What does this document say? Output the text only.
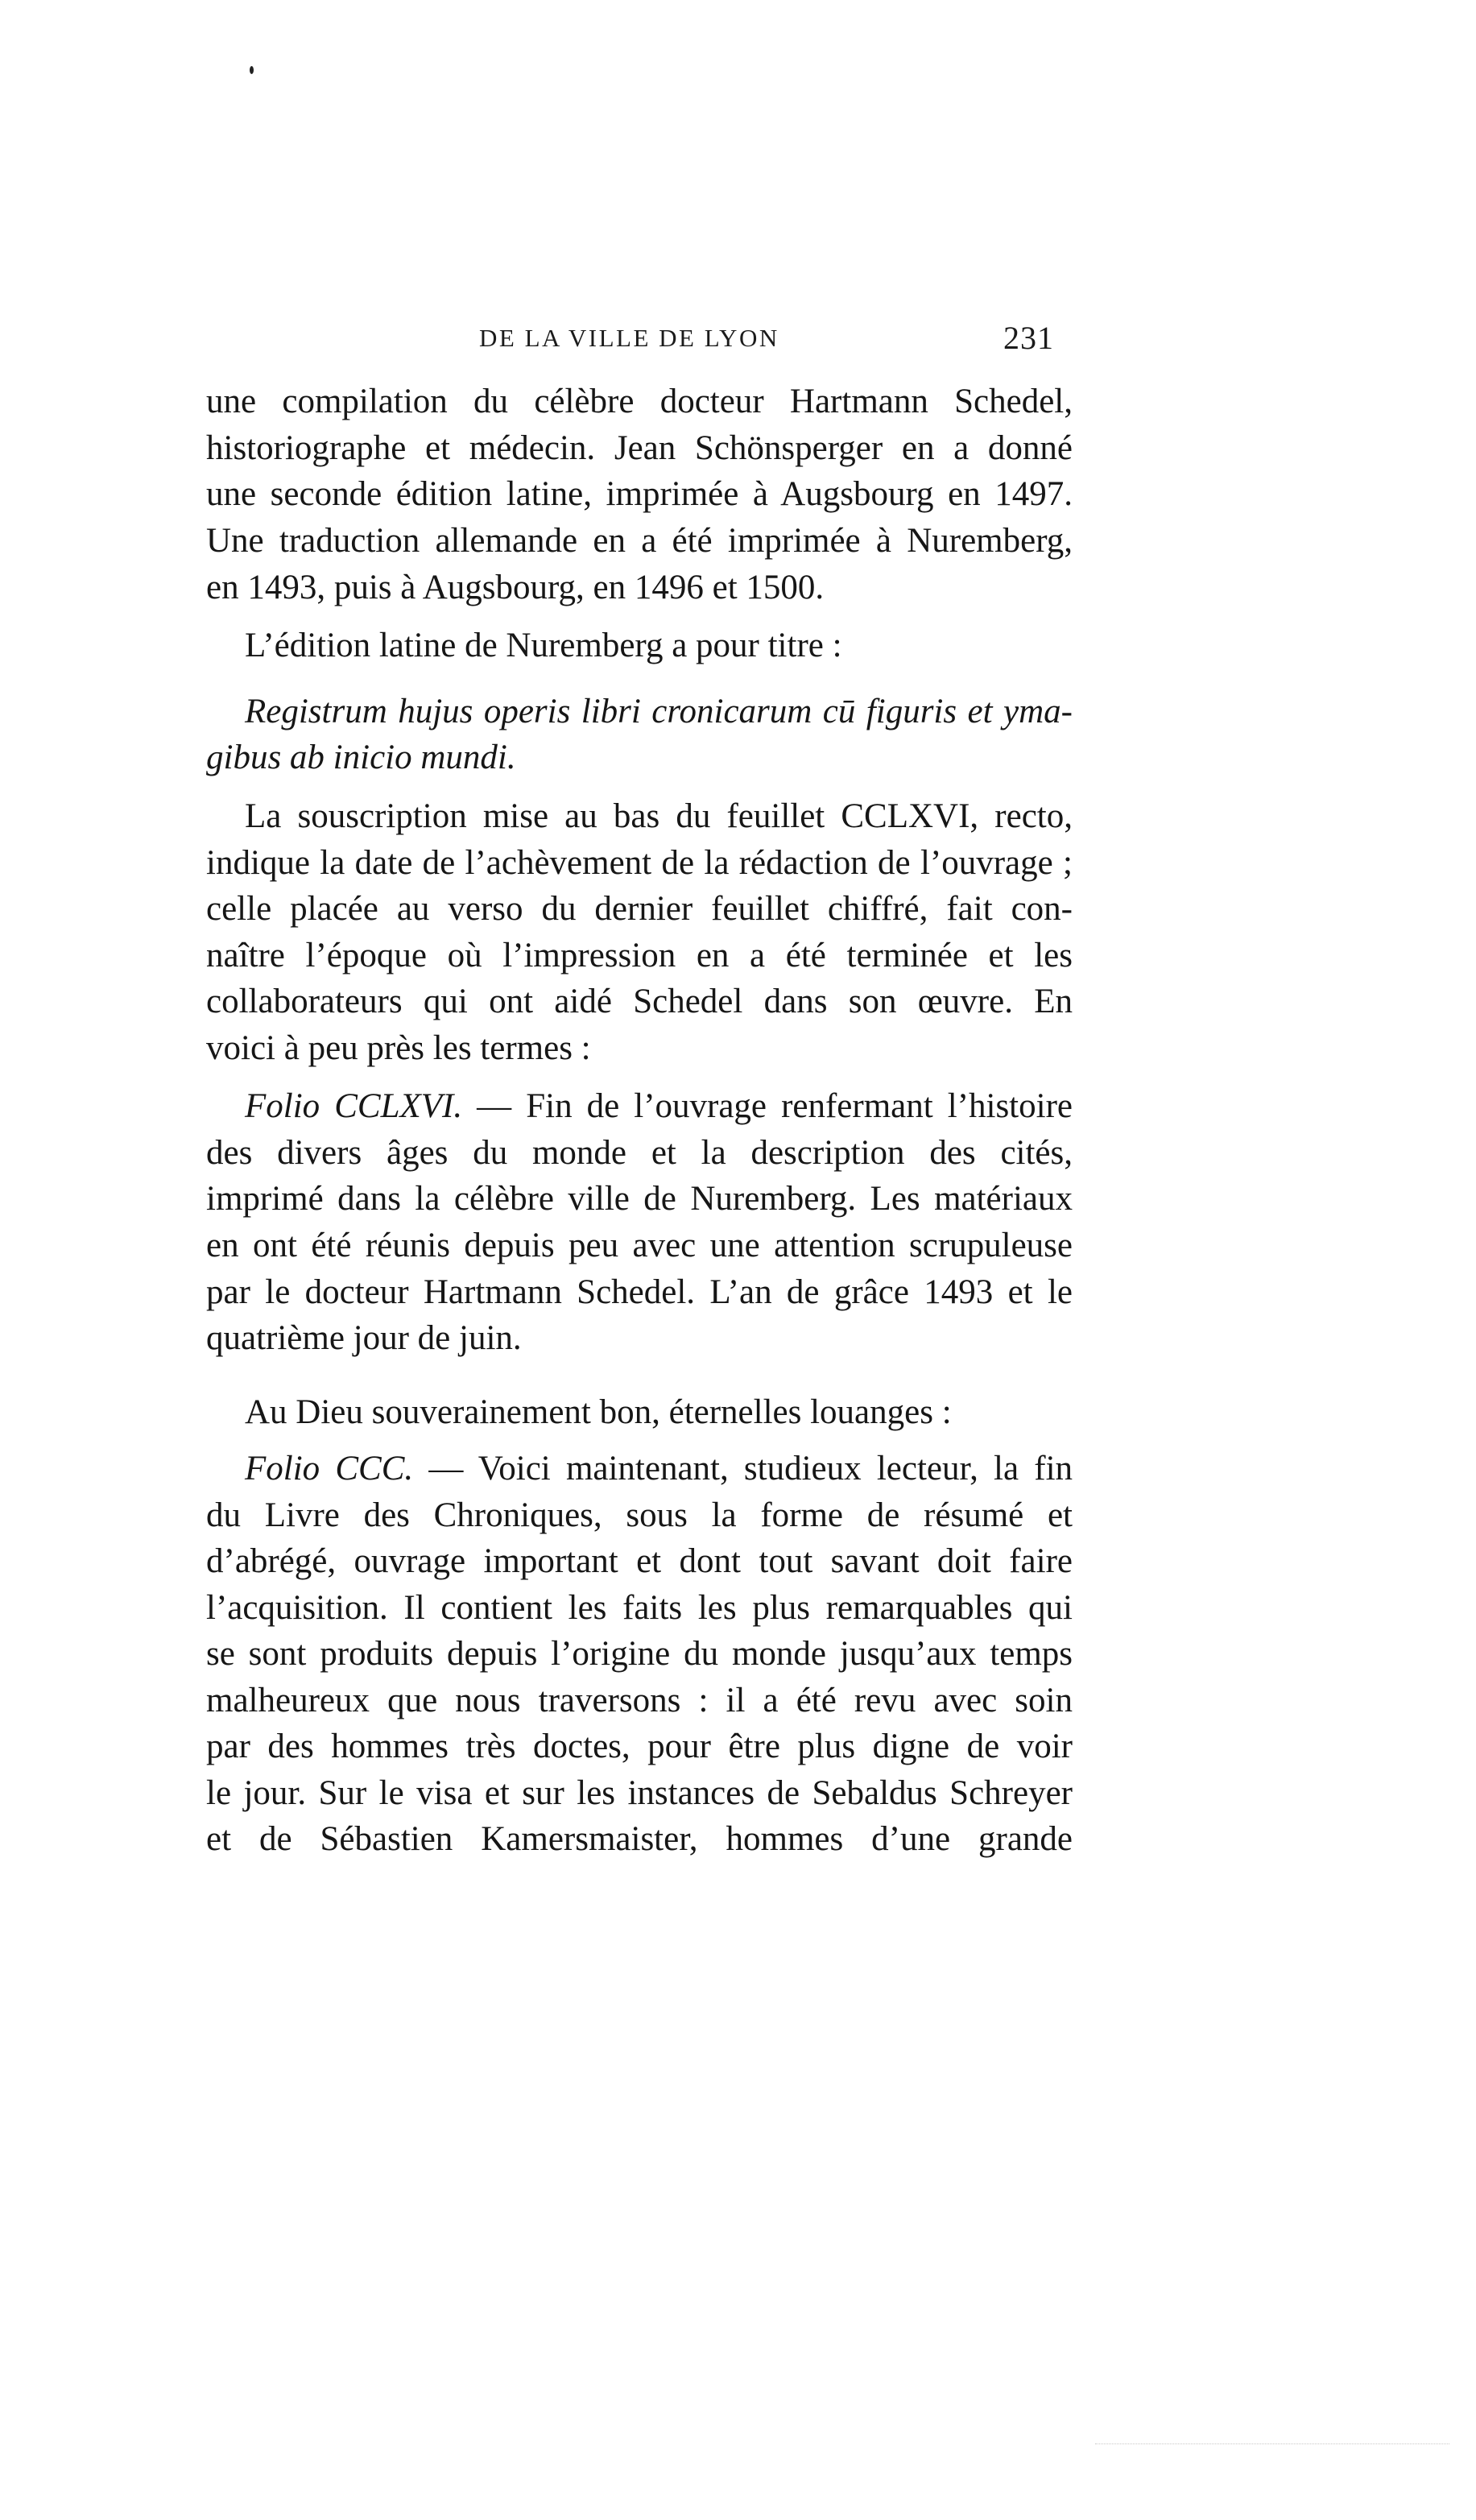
DE LA VILLE DE LYON	231
une compilation du célèbre docteur Hartmann Schedel,
historiographe et médecin. Jean Schönsperger en a donné
une seconde édition latine, imprimée à Augsbourg en 1497.
Une traduction allemande en a été imprimée à Nuremberg,
en 1493, puis à Augsbourg, en 1496 et 1500.
L’édition latine de Nuremberg a pour titre :
Registrum hujus operis libri cronicarum cū figuris et yma-
gibus ab inicio mundi.
La souscription mise au bas du feuillet CCLXVI, recto,
indique la date de l’achèvement de la rédaction de l’ouvrage ;
celle placée au verso du dernier feuillet chiffré, fait con-
naître l’époque où l’impression en a été terminée et les
collaborateurs qui ont aidé Schedel dans son œuvre. En
voici à peu près les termes :
Folio CCLXVI. — Fin de l’ouvrage renfermant l’histoire
des divers âges du monde et la description des cités,
imprimé dans la célèbre ville de Nuremberg. Les matériaux
en ont été réunis depuis peu avec une attention scrupuleuse
par le docteur Hartmann Schedel. L’an de grâce 1493 et le
quatrième jour de juin.
Au Dieu souverainement bon, éternelles louanges :
Folio CCC. — Voici maintenant, studieux lecteur, la fin
du Livre des Chroniques, sous la forme de résumé et
d’abrégé, ouvrage important et dont tout savant doit faire
l’acquisition. Il contient les faits les plus remarquables qui
se sont produits depuis l’origine du monde jusqu’aux temps
malheureux que nous traversons : il a été revu avec soin
par des hommes très doctes, pour être plus digne de voir
le jour. Sur le visa et sur les instances de Sebaldus Schreyer
et de Sébastien Kamersmaister, hommes d’une grande
